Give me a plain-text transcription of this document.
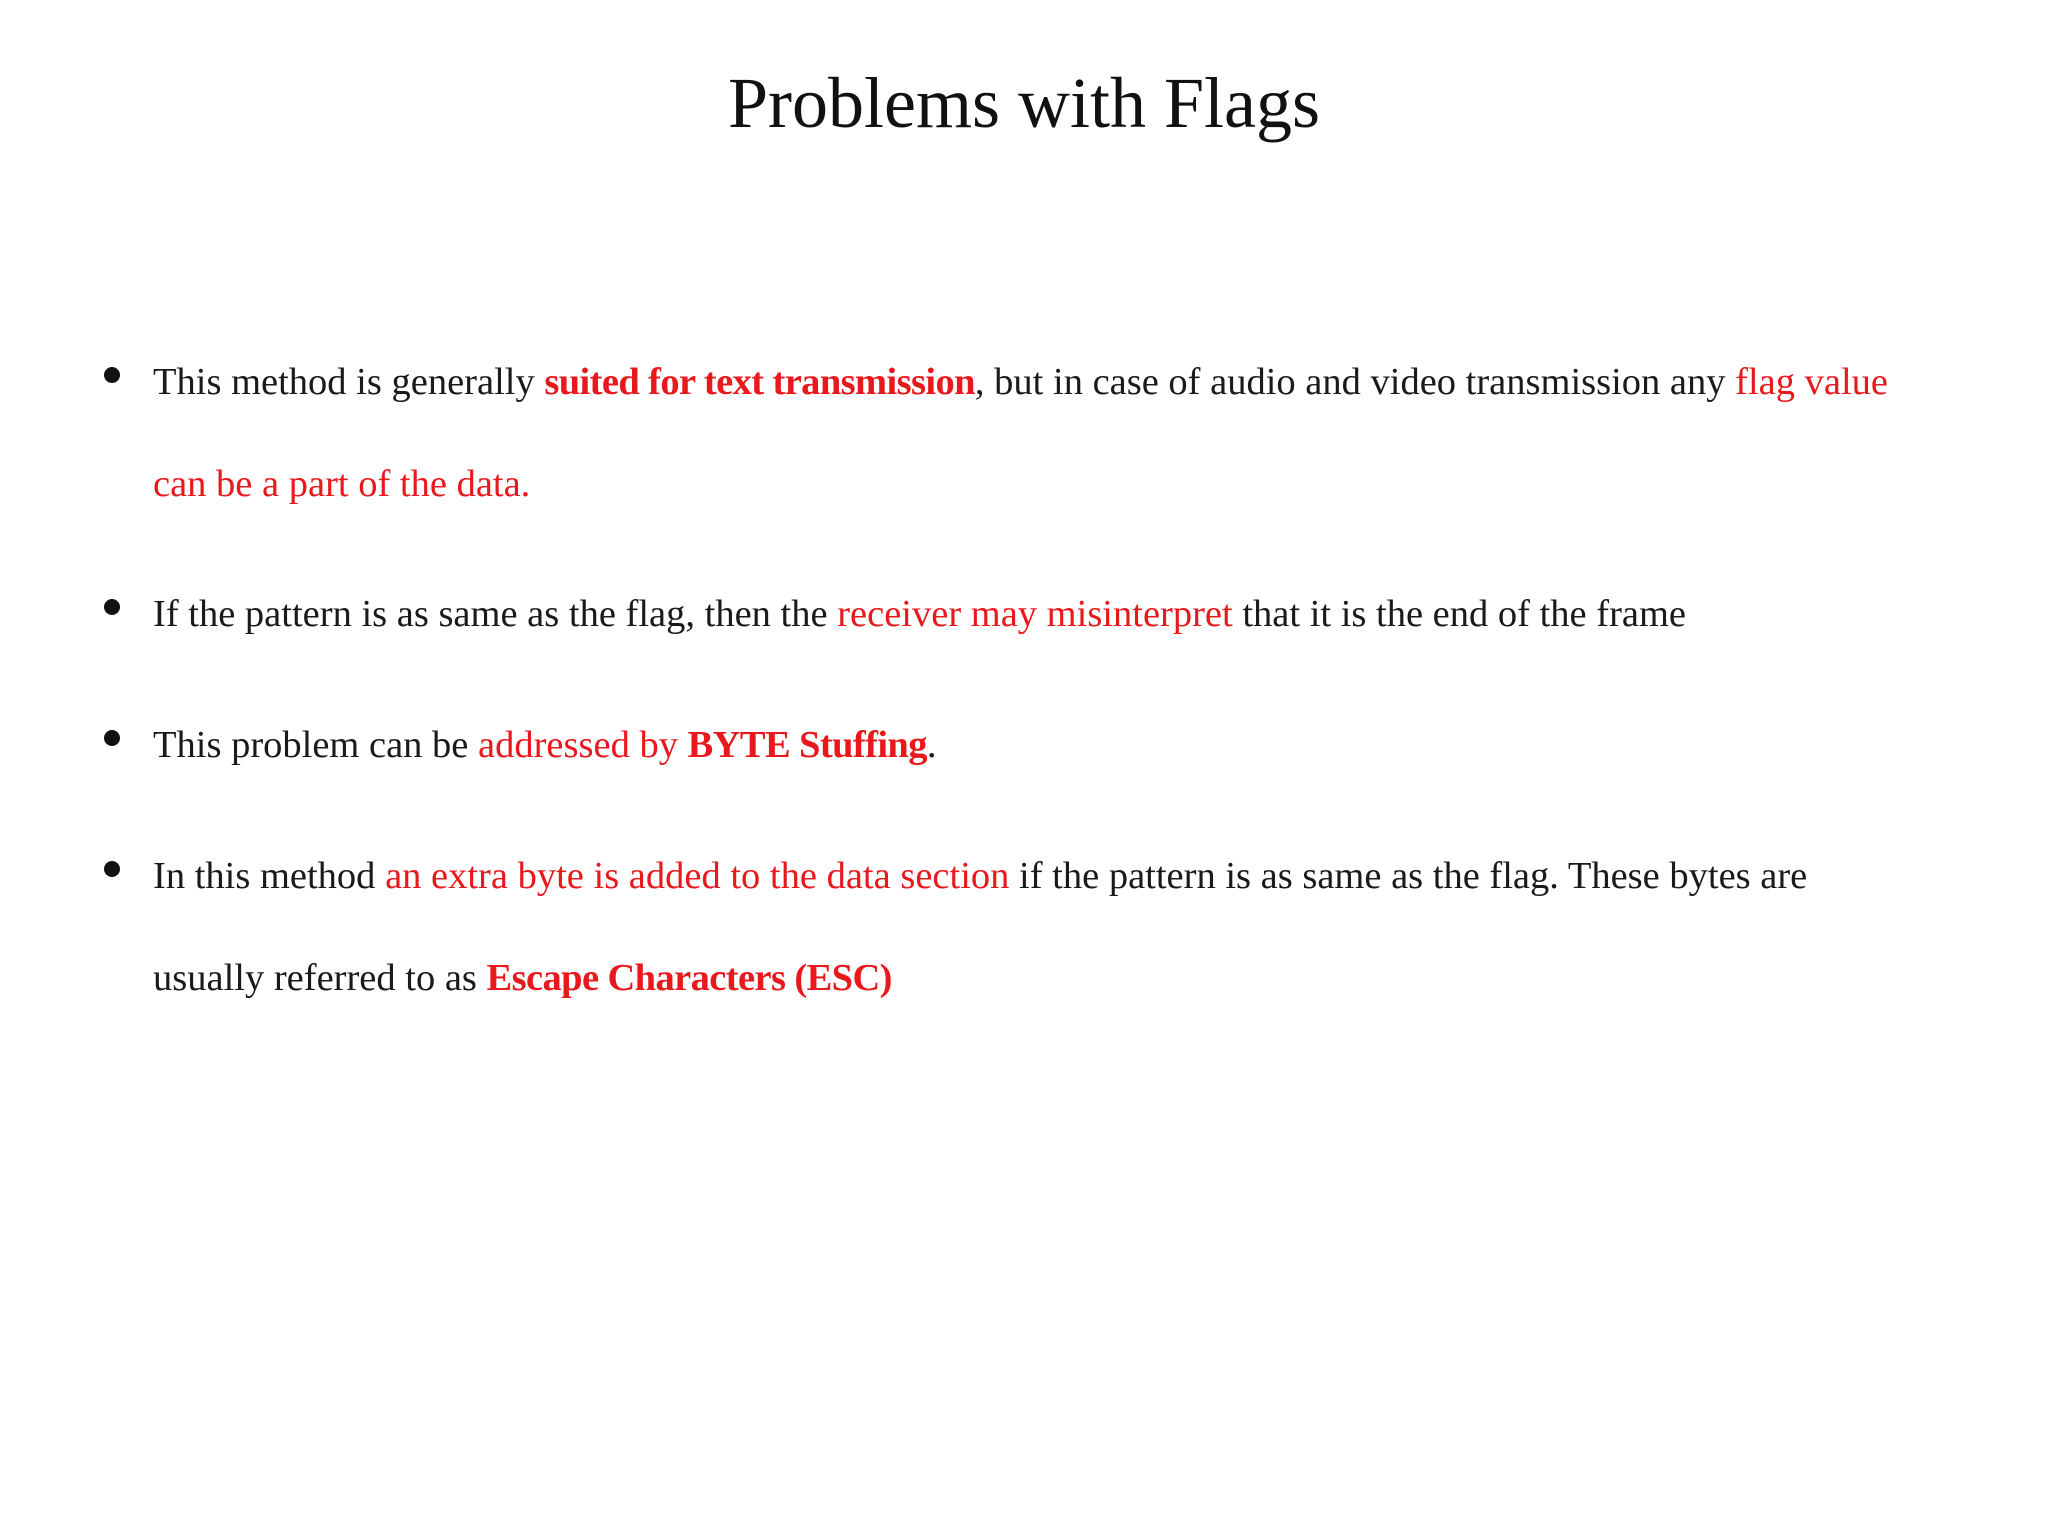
Problems with Flags
This method is generally suited for text transmission, but in case of audio and video transmission any flag value
can be a part of the data.
If the pattern is as same as the flag, then the receiver may misinterpret that it is the end of the frame
This problem can be addressed by BYTE Stuffing.
In this method an extra byte is added to the data section if the pattern is as same as the flag. These bytes are
usually referred to as Escape Characters (ESC)
